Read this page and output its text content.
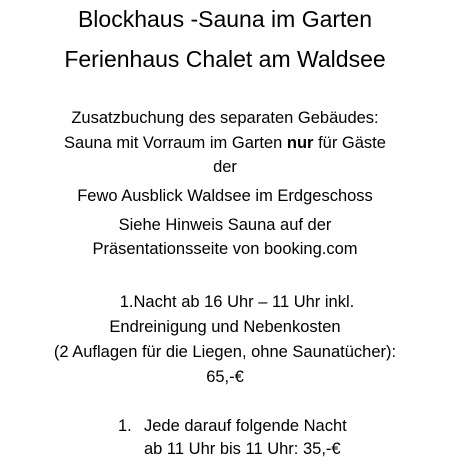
Blockhaus -Sauna im Garten
Ferienhaus Chalet am Waldsee
Zusatzbuchung des separaten Gebäudes:
Sauna mit Vorraum im Garten nur für Gäste
der
Fewo Ausblick Waldsee im Erdgeschoss
Siehe Hinweis Sauna auf der
Präsentationsseite von booking.com
1.Nacht ab 16 Uhr – 11 Uhr inkl.
Endreinigung und Nebenkosten
(2 Auflagen für die Liegen, ohne Saunatücher):
65,-€
1. Jede darauf folgende Nacht
ab 11 Uhr bis 11 Uhr: 35,-€
